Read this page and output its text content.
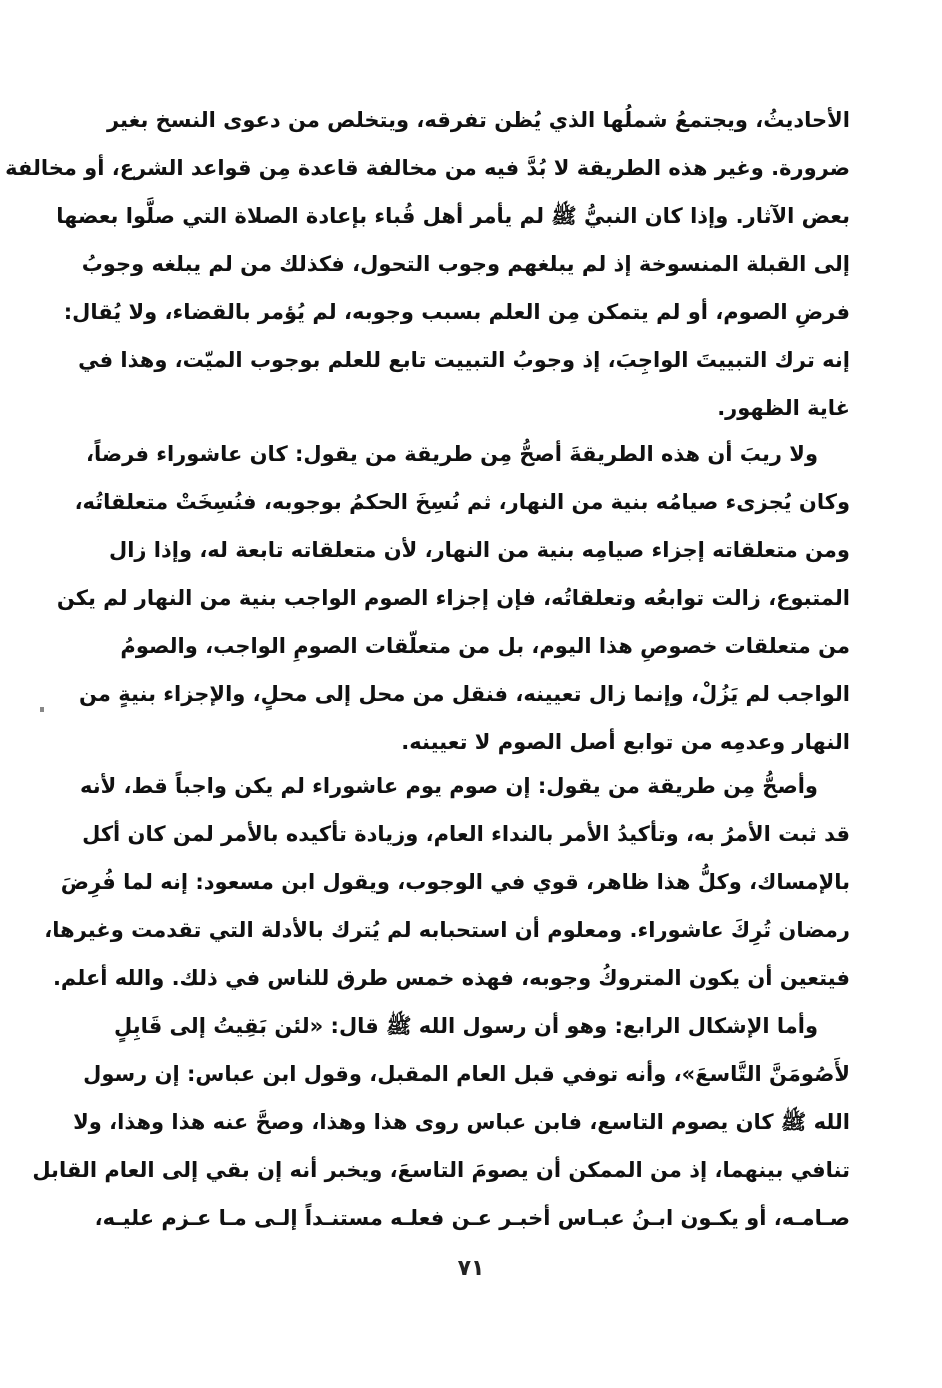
الأحاديثُ، ويجتمعُ شملُها الذي يُظن تفرقه، ويتخلص من دعوى النسخ بغير
ضرورة. وغير هذه الطريقة لا بُدَّ فيه من مخالفة قاعدة مِن قواعد الشرع، أو مخالفة
بعض الآثار. وإذا كان النبيُّ ﷺ لم يأمر أهل قُباء بإعادة الصلاة التي صلَّوا بعضها
إلى القبلة المنسوخة إذ لم يبلغهم وجوب التحول، فكذلك من لم يبلغه وجوبُ
فرضِ الصوم، أو لم يتمكن مِن العلم بسبب وجوبه، لم يُؤمر بالقضاء، ولا يُقال:
إنه ترك التبييتَ الواجِبَ، إذ وجوبُ التبييت تابع للعلم بوجوب الميّت، وهذا في
غاية الظهور.
ولا ريبَ أن هذه الطريقةَ أصحُّ مِن طريقة من يقول: كان عاشوراء فرضاً،
وكان يُجزىء صيامُه بنية من النهار، ثم نُسِخَ الحكمُ بوجوبه، فنُسِخَتْ متعلقاتُه،
ومن متعلقاته إجزاء صيامِه بنية من النهار، لأن متعلقاته تابعة له، وإذا زال
المتبوع، زالت توابعُه وتعلقاتُه، فإن إجزاء الصوم الواجب بنية من النهار لم يكن
من متعلقات خصوصِ هذا اليوم، بل من متعلّقات الصومِ الواجب، والصومُ
الواجب لم يَزُلْ، وإنما زال تعيينه، فنقل من محل إلى محلٍ، والإجزاء بنيةٍ من
النهار وعدمِه من توابع أصل الصوم لا تعيينه.
وأصحُّ مِن طريقة من يقول: إن صوم يوم عاشوراء لم يكن واجباً قط، لأنه
قد ثبت الأمرُ به، وتأكيدُ الأمر بالنداء العام، وزيادة تأكيده بالأمر لمن كان أكل
بالإمساك، وكلُّ هذا ظاهر، قوي في الوجوب، ويقول ابن مسعود: إنه لما فُرِضَ
رمضان تُرِكَ عاشوراء. ومعلوم أن استحبابه لم يُترك بالأدلة التي تقدمت وغيرها،
فيتعين أن يكون المتروكُ وجوبه، فهذه خمس طرق للناس في ذلك. والله أعلم.
وأما الإشكال الرابع: وهو أن رسول الله ﷺ قال: «لئن بَقِيتُ إلى قَابِلٍ
لأَصُومَنَّ التَّاسعَ»، وأنه توفي قبل العام المقبل، وقول ابن عباس: إن رسول
الله ﷺ كان يصوم التاسع، فابن عباس روى هذا وهذا، وصحَّ عنه هذا وهذا، ولا
تنافي بينهما، إذ من الممكن أن يصومَ التاسعَ، ويخبر أنه إن بقي إلى العام القابل
صـامـه، أو يكـون ابـنُ عبـاس أخبـر عـن فعلـه مستنـداً إلـى مـا عـزم عليـه،
٧١
